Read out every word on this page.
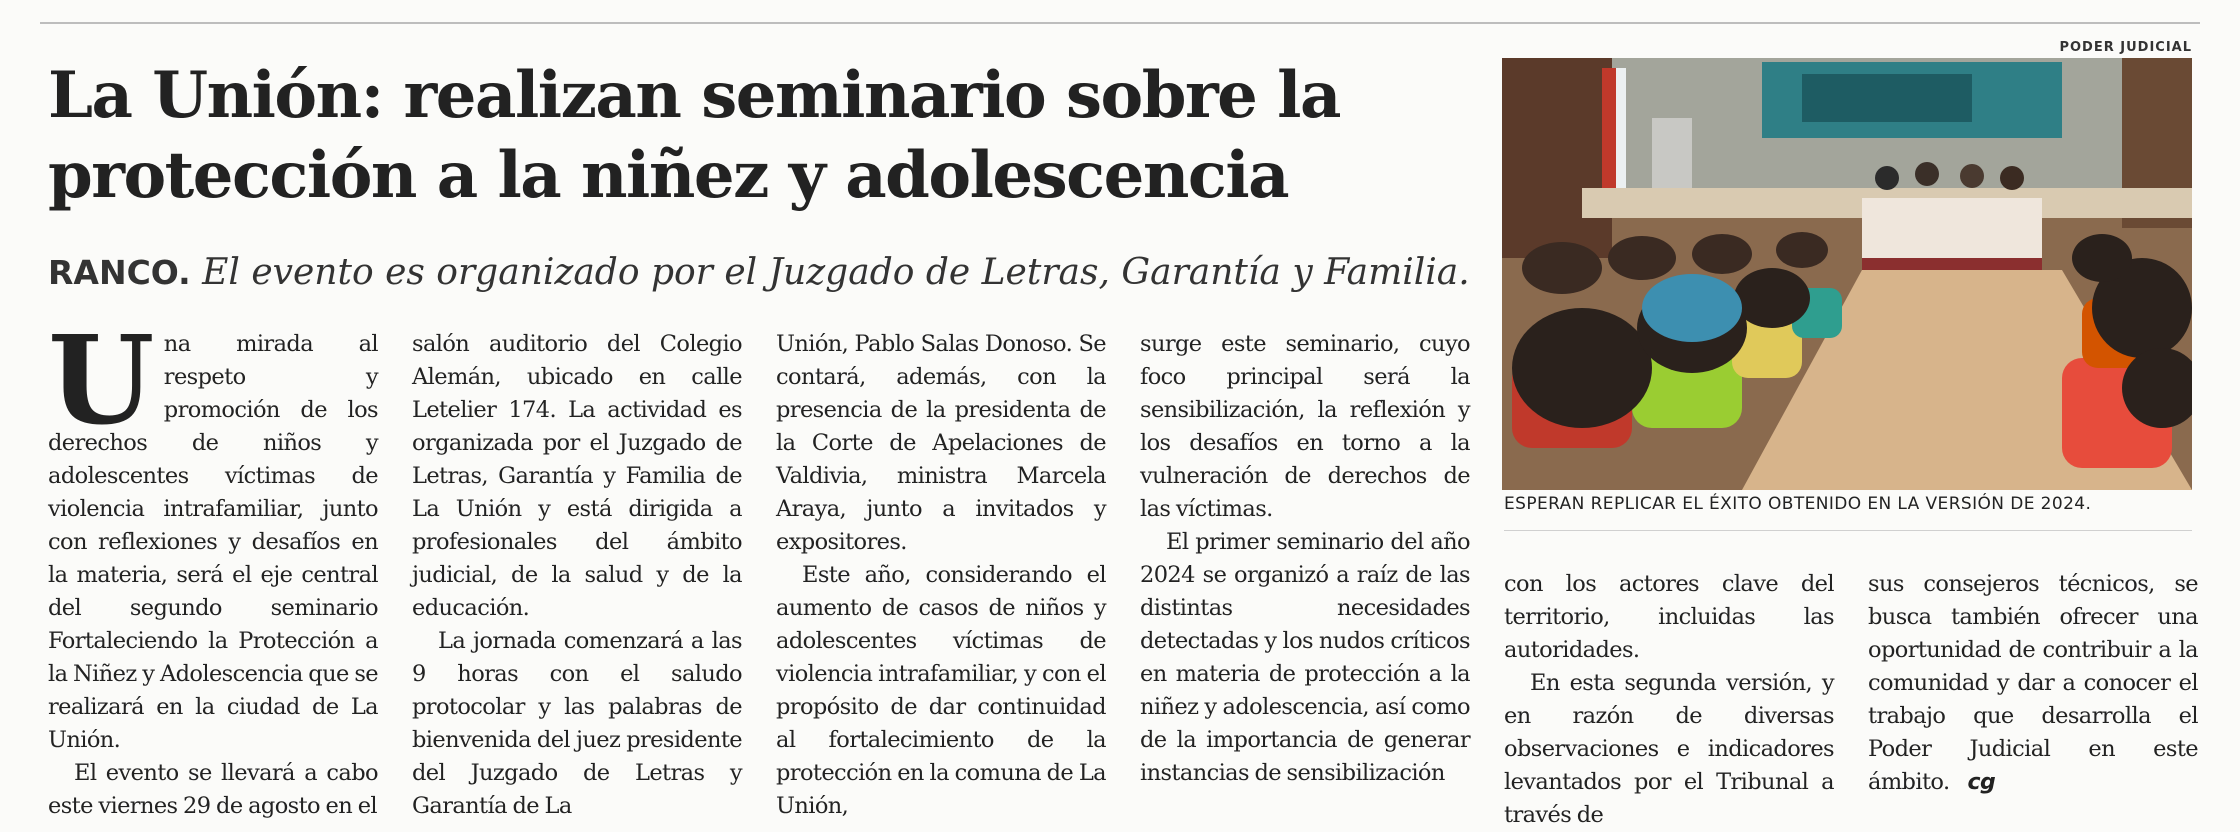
La Unión: realizan seminario sobre la protección a la niñez y adolescencia
RANCO. El evento es organizado por el Juzgado de Letras, Garantía y Familia.
U na mirada al respeto y promoción de los derechos de niños y adolescentes víctimas de violencia intrafamiliar, junto con reflexiones y desafíos en la materia, será el eje central del segundo seminario Fortaleciendo la Protección a la Niñez y Adolescencia que se realizará en la ciudad de La Unión.

El evento se llevará a cabo este viernes 29 de agosto en el

salón auditorio del Colegio Alemán, ubicado en calle Letelier 174. La actividad es organizada por el Juzgado de Letras, Garantía y Familia de La Unión y está dirigida a profesionales del ámbito judicial, de la salud y de la educación.

La jornada comenzará a las 9 horas con el saludo protocolar y las palabras de bienvenida del juez presidente del Juzgado de Letras y Garantía de La

Unión, Pablo Salas Donoso. Se contará, además, con la presencia de la presidenta de la Corte de Apelaciones de Valdivia, ministra Marcela Araya, junto a invitados y expositores.

Este año, considerando el aumento de casos de niños y adolescentes víctimas de violencia intrafamiliar, y con el propósito de dar continuidad al fortalecimiento de la protección en la comuna de La Unión,

surge este seminario, cuyo foco principal será la sensibilización, la reflexión y los desafíos en torno a la vulneración de derechos de las víctimas.

El primer seminario del año 2024 se organizó a raíz de las distintas necesidades detectadas y los nudos críticos en materia de protección a la niñez y adolescencia, así como de la importancia de generar instancias de sensibilización

PODER JUDICIAL

ESPERAN REPLICAR EL ÉXITO OBTENIDO EN LA VERSIÓN DE 2024.

con los actores clave del territorio, incluidas las autoridades.

En esta segunda versión, y en razón de diversas observaciones e indicadores levantados por el Tribunal a través de

sus consejeros técnicos, se busca también ofrecer una oportunidad de contribuir a la comunidad y dar a conocer el trabajo que desarrolla el Poder Judicial en este ámbito. cg
